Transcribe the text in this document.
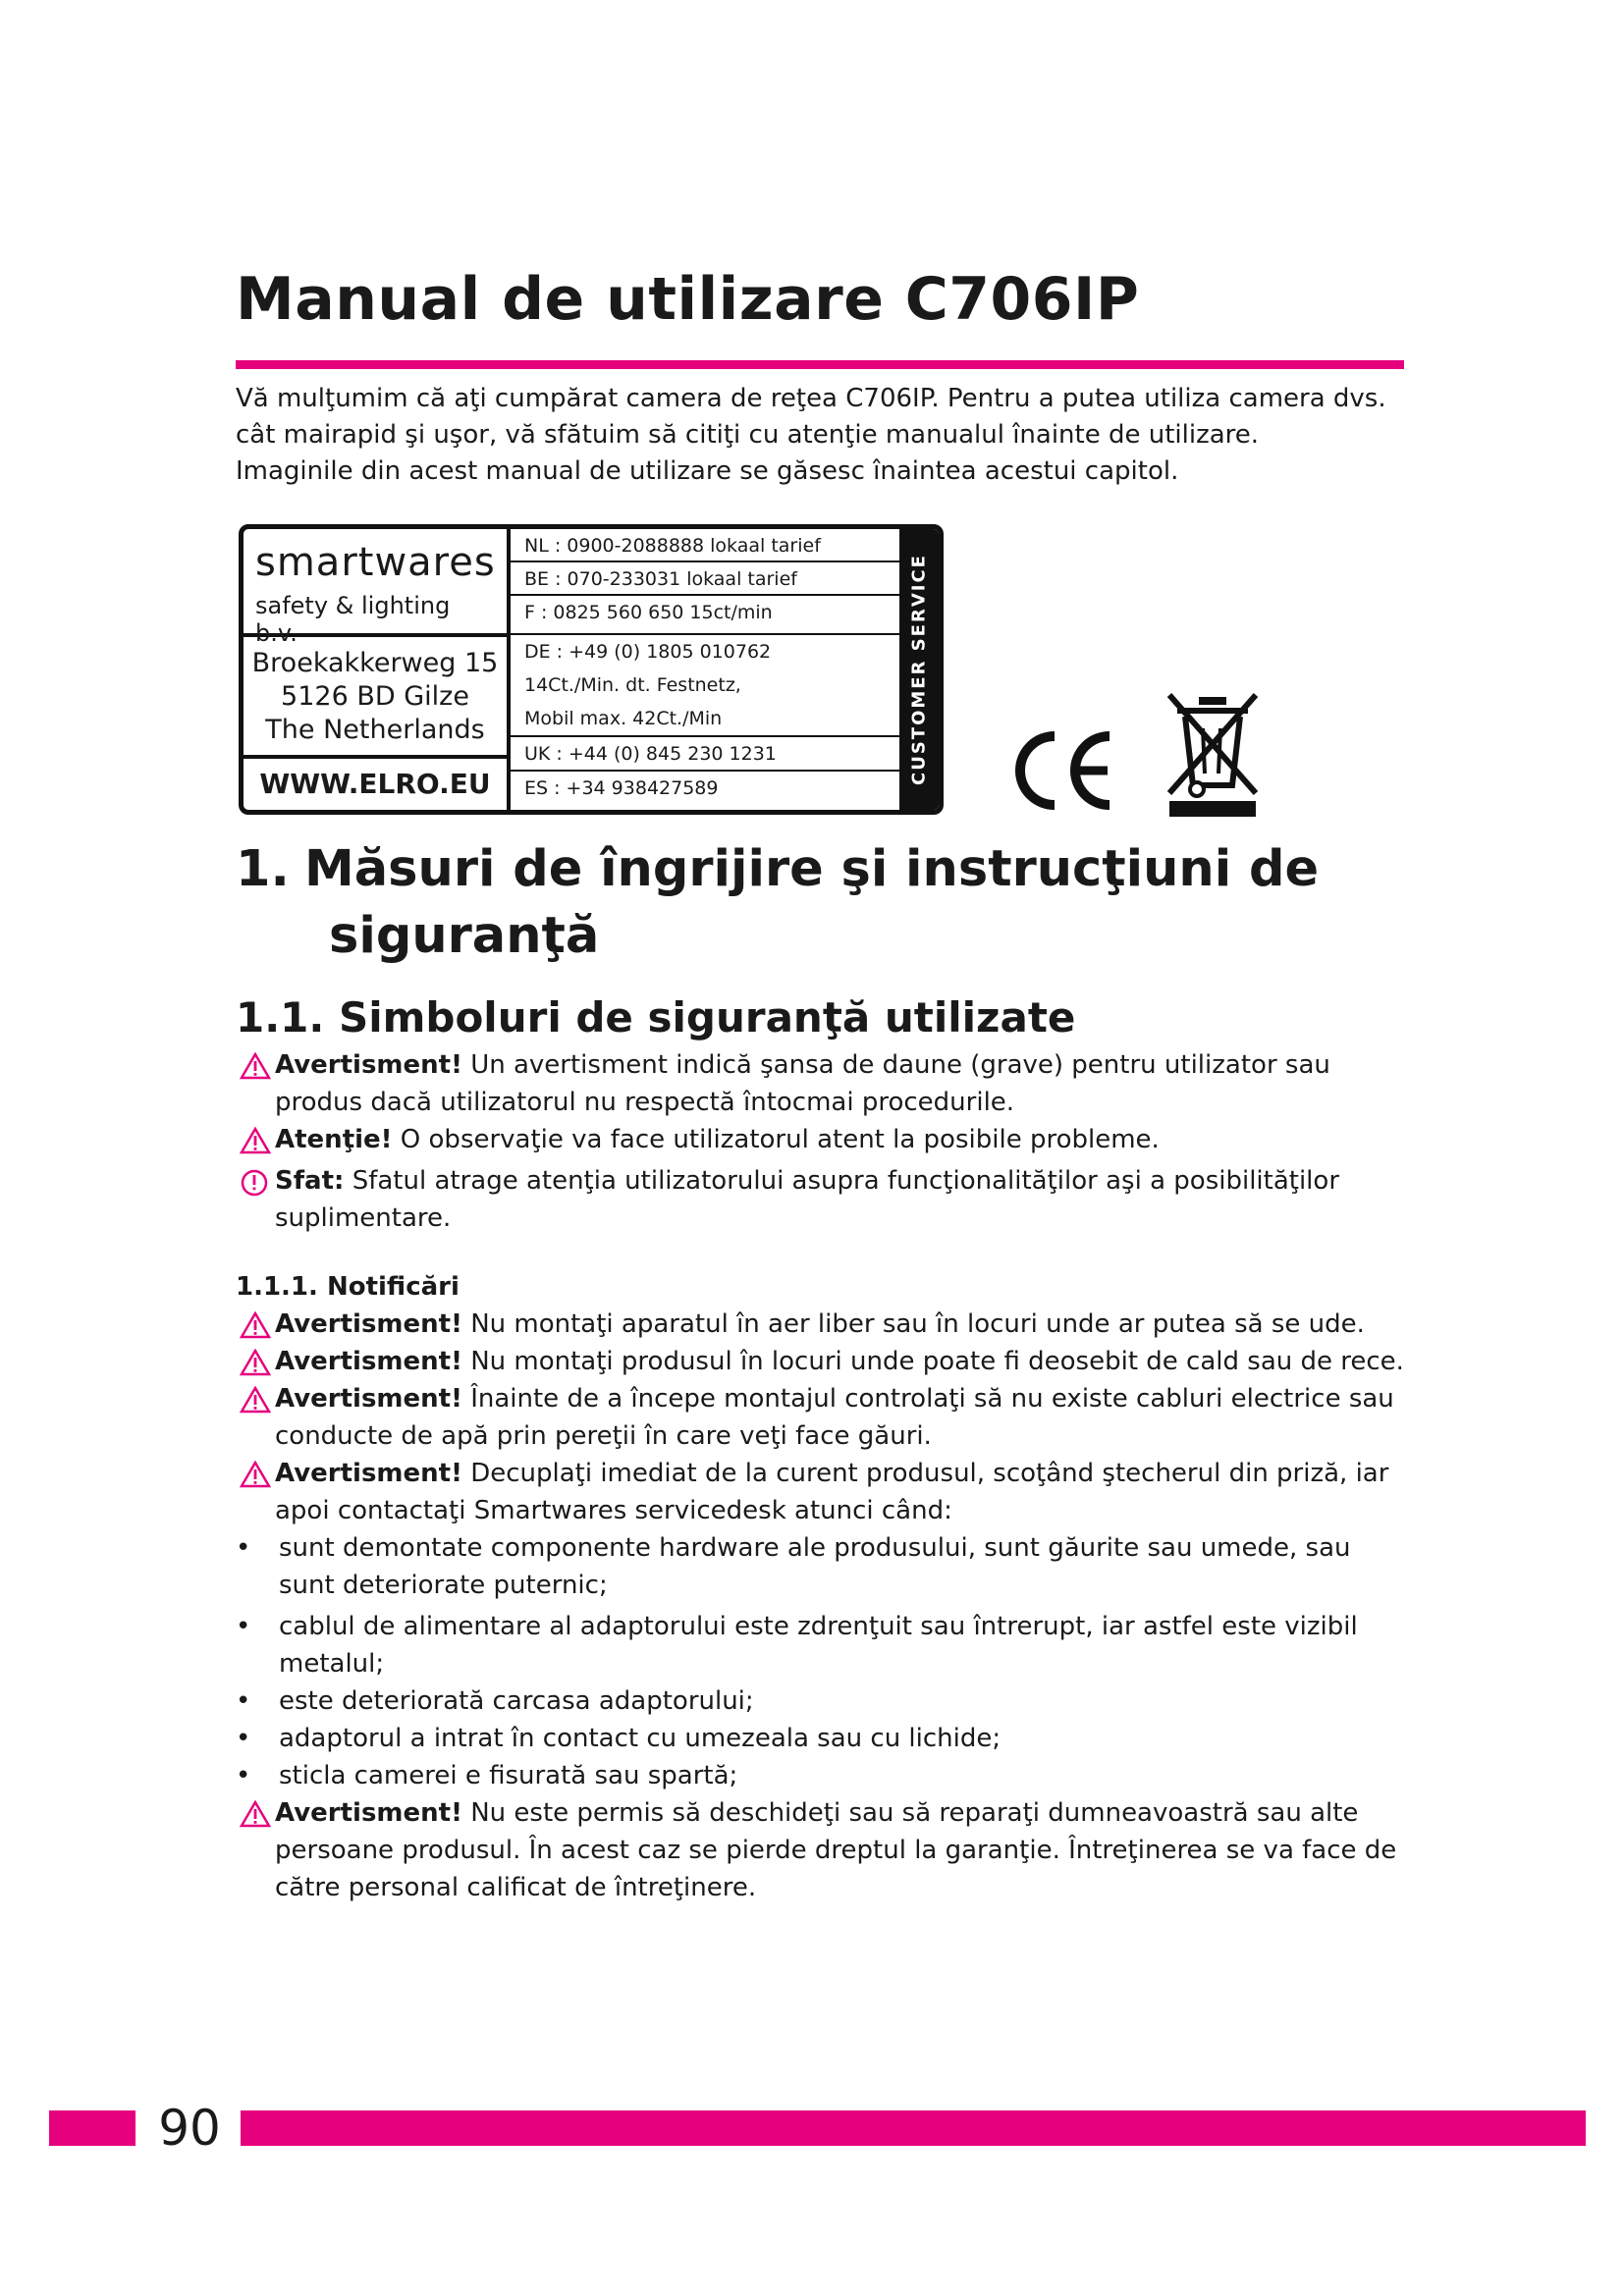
Manual de utilizare C706IP

Vă mulţumim că aţi cumpărat camera de reţea C706IP. Pentru a putea utiliza camera dvs.

cât mairapid şi uşor, vă sfătuim să citiţi cu atenţie manualul înainte de utilizare.

Imaginile din acest manual de utilizare se găsesc înaintea acestui capitol.

smartwares
safety & lighting b.v.
Broekakkerweg 15
5126 BD Gilze
The Netherlands
WWW.ELRO.EU
NL : 0900-2088888 lokaal tarief
BE : 070-233031 lokaal tarief
F : 0825 560 650 15ct/min
DE : +49 (0) 1805 010762
14Ct./Min. dt. Festnetz,
Mobil max. 42Ct./Min
UK : +44 (0) 845 230 1231
ES : +34 938427589
CUSTOMER SERVICE
1. Măsuri de îngrijire şi instrucţiuni de
siguranţă
1.1. Simboluri de siguranţă utilizate
Avertisment! Un avertisment indică şansa de daune (grave) pentru utilizator sau

produs dacă utilizatorul nu respectă întocmai procedurile.

Atenţie! O observaţie va face utilizatorul atent la posibile probleme.
Sfat: Sfatul atrage atenţia utilizatorului asupra funcţionalităţilor aşi a posibilităţilor

suplimentare.

1.1.1. Notificări

Avertisment! Nu montaţi aparatul în aer liber sau în locuri unde ar putea să se ude.
Avertisment! Nu montaţi produsul în locuri unde poate fi deosebit de cald sau de rece.
Avertisment! Înainte de a începe montajul controlaţi să nu existe cabluri electrice sau

conducte de apă prin pereţii în care veţi face găuri.

Avertisment! Decuplaţi imediat de la curent produsul, scoţând ştecherul din priză, iar

apoi contactaţi Smartwares servicedesk atunci când:

• sunt demontate componente hardware ale produsului, sunt găurite sau umede, sau

sunt deteriorate puternic;

• cablul de alimentare al adaptorului este zdrenţuit sau întrerupt, iar astfel este vizibil

metalul;

• este deteriorată carcasa adaptorului;

• adaptorul a intrat în contact cu umezeala sau cu lichide;

• sticla camerei e fisurată sau spartă;

Avertisment! Nu este permis să deschideţi sau să reparaţi dumneavoastră sau alte

persoane produsul. În acest caz se pierde dreptul la garanţie. Întreţinerea se va face de

către personal calificat de întreţinere.

90
